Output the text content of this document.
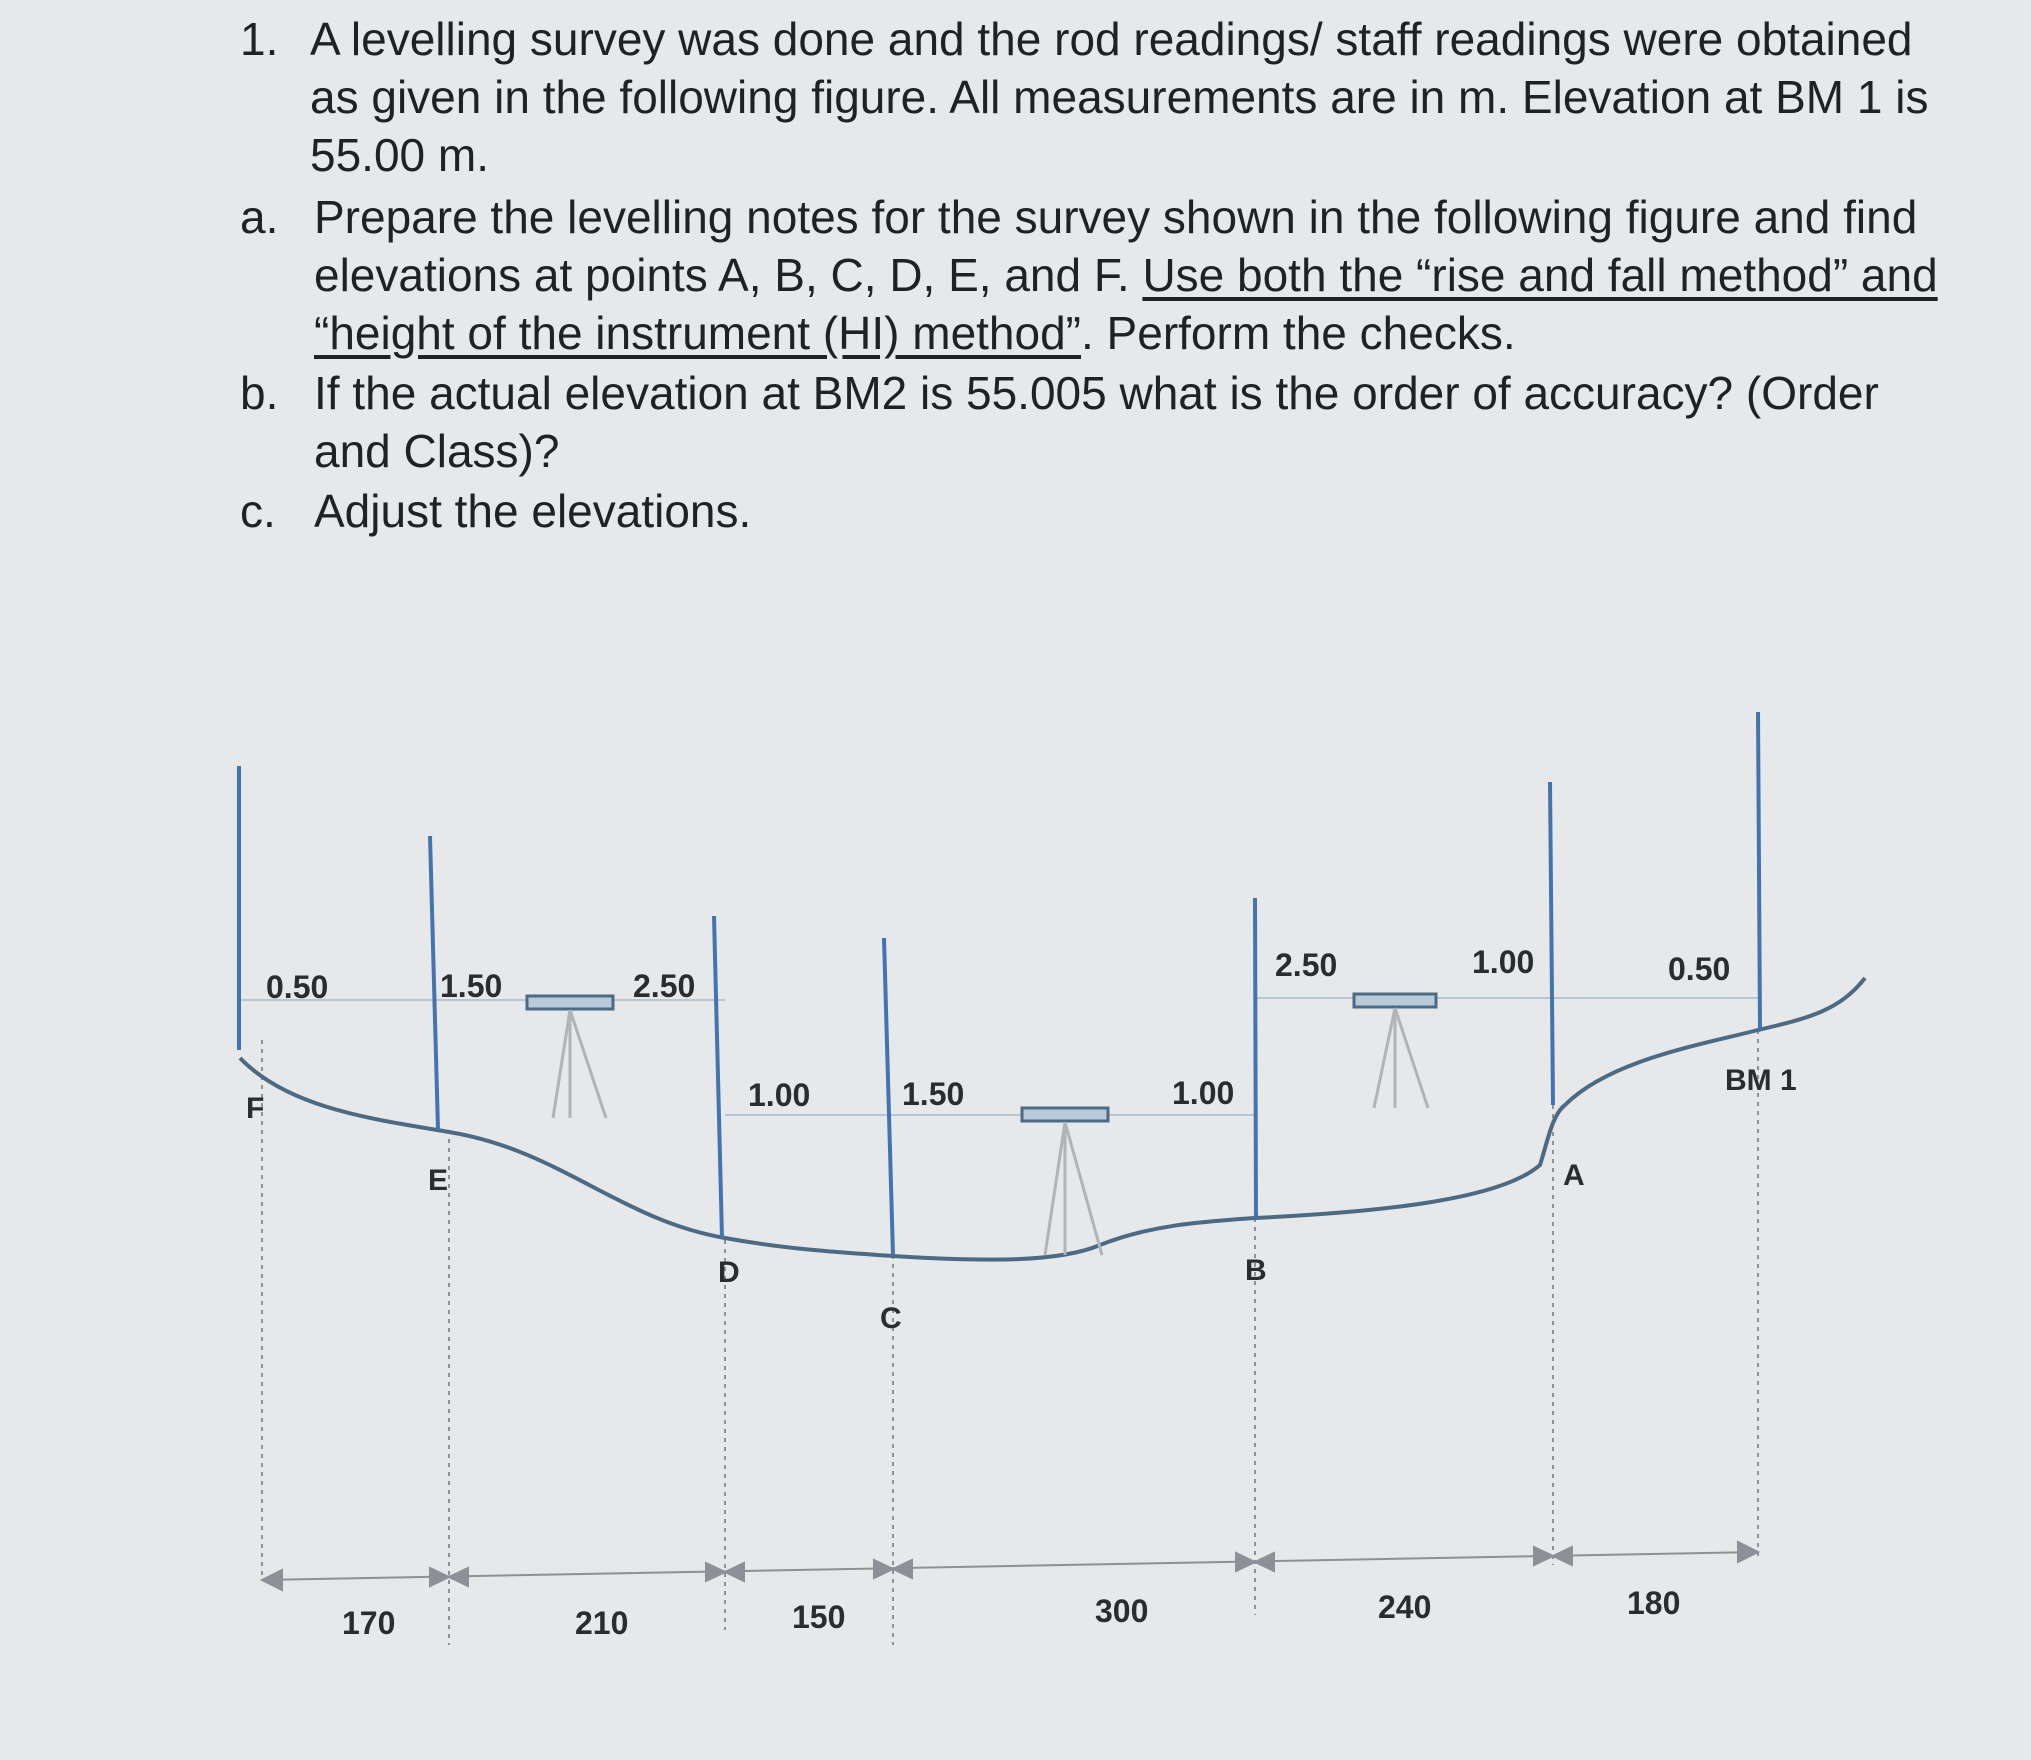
1. A levelling survey was done and the rod readings/ staff readings were obtained as given in the following figure. All measurements are in m. Elevation at BM 1 is 55.00 m.
a. Prepare the levelling notes for the survey shown in the following figure and find elevations at points A, B, C, D, E, and F. Use both the “rise and fall method” and “height of the instrument (HI) method”. Perform the checks.
b. If the actual elevation at BM2 is 55.005 what is the order of accuracy? (Order and Class)?
c. Adjust the elevations.
0.50	1.50	2.50
1.00	1.50	1.00
2.50	1.00	0.50
F
E
D
C
B
A
BM 1
170	210	150	300	240	180
